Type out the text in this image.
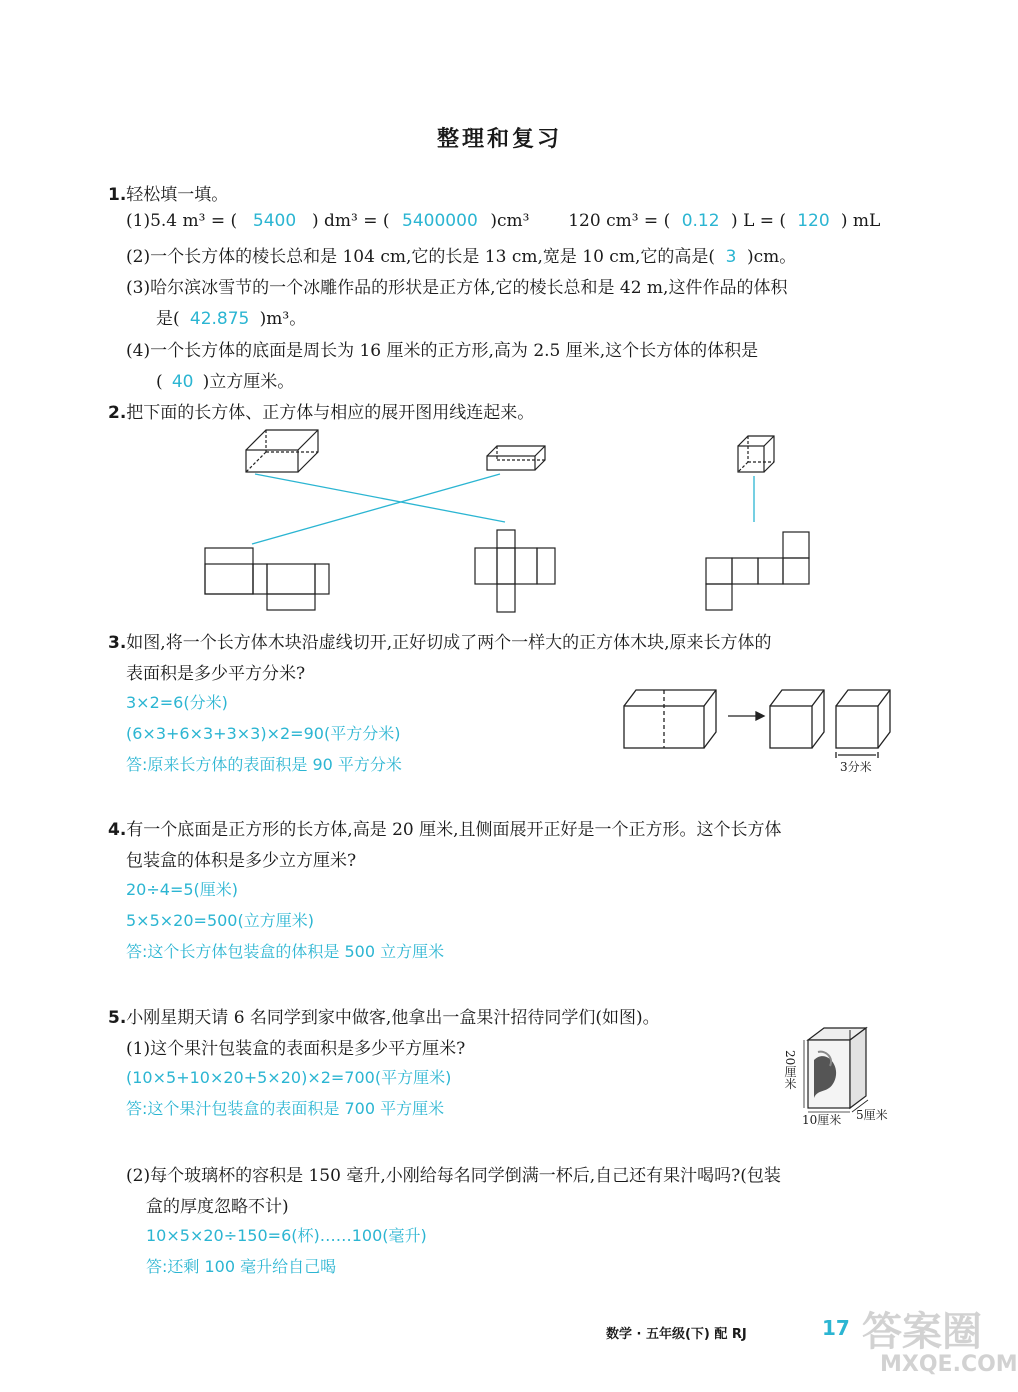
整理和复习
1.轻松填一填。
(1)5.4 m³ = ( 5400 ) dm³ = ( 5400000 )cm³ 120 cm³ = ( 0.12 ) L = ( 120 ) mL
(2)一个长方体的棱长总和是 104 cm,它的长是 13 cm,宽是 10 cm,它的高是( 3 )cm。
(3)哈尔滨冰雪节的一个冰雕作品的形状是正方体,它的棱长总和是 42 m,这件作品的体积
是( 42.875 )m³。
(4)一个长方体的底面是周长为 16 厘米的正方形,高为 2.5 厘米,这个长方体的体积是
( 40 )立方厘米。
2.把下面的长方体、正方体与相应的展开图用线连起来。
3.如图,将一个长方体木块沿虚线切开,正好切成了两个一样大的正方体木块,原来长方体的
表面积是多少平方分米?
3×2=6(分米)
(6×3+6×3+3×3)×2=90(平方分米)
答:原来长方体的表面积是 90 平方分米	3分米
4.有一个底面是正方形的长方体,高是 20 厘米,且侧面展开正好是一个正方形。这个长方体
包装盒的体积是多少立方厘米?
20÷4=5(厘米)
5×5×20=500(立方厘米)
答:这个长方体包装盒的体积是 500 立方厘米
5.小刚星期天请 6 名同学到家中做客,他拿出一盒果汁招待同学们(如图)。
(1)这个果汁包装盒的表面积是多少平方厘米?
(10×5+10×20+5×20)×2=700(平方厘米)
答:这个果汁包装盒的表面积是 700 平方厘米
20厘米
10厘米 5厘米
(2)每个玻璃杯的容积是 150 毫升,小刚给每名同学倒满一杯后,自己还有果汁喝吗?(包装
盒的厚度忽略不计)
10×5×20÷150=6(杯)……100(毫升)
答:还剩 100 毫升给自己喝
数学 · 五年级(下) 配 RJ	17 答案圈
MXQE.COM
